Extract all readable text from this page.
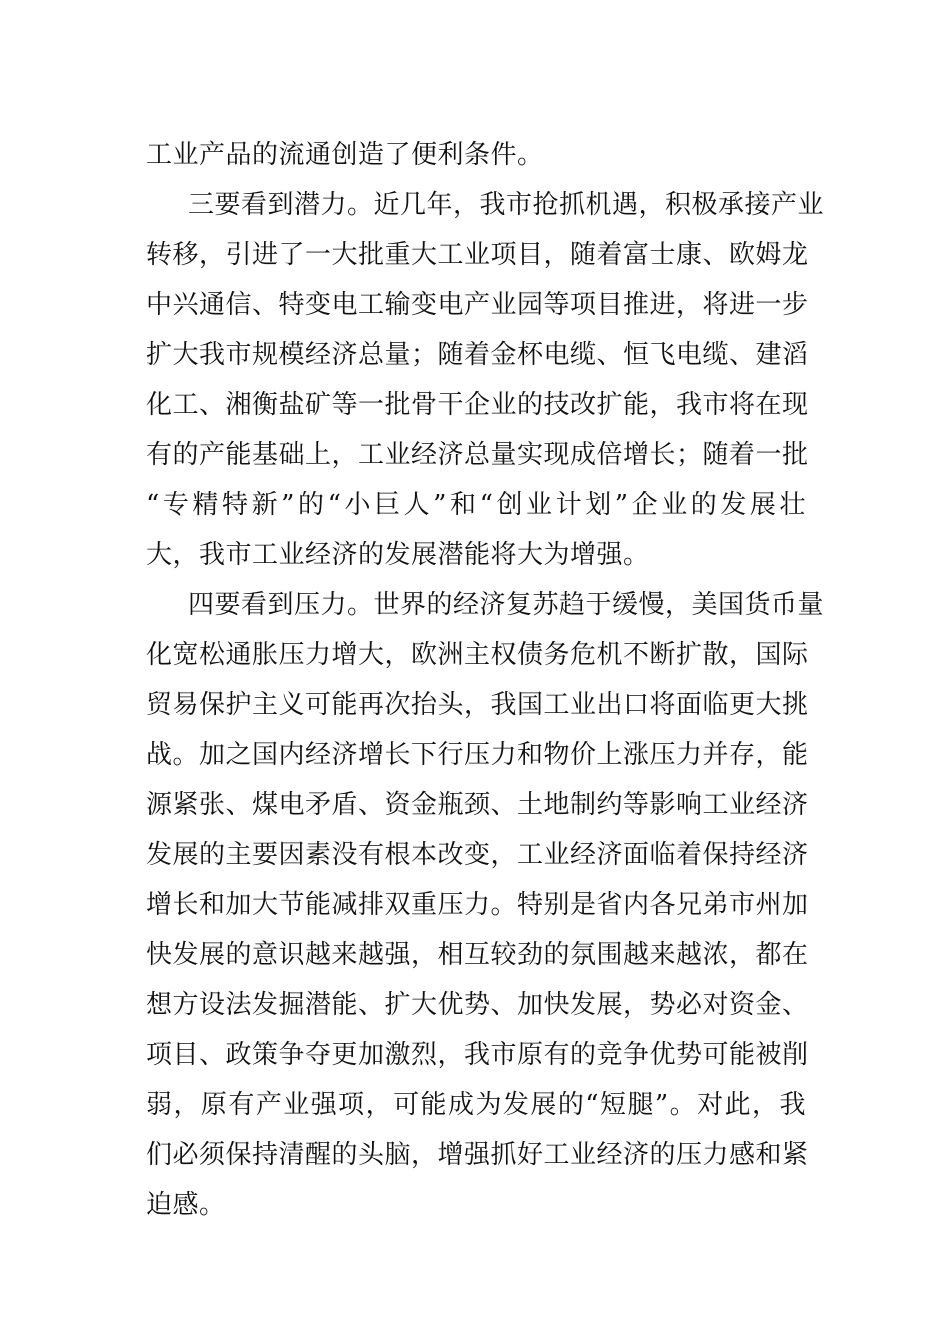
工业产品的流通创造了便利条件。
三要看到潜力。近几年，我市抢抓机遇，积极承接产业
转移，引进了一大批重大工业项目，随着富士康、欧姆龙
中兴通信、特变电工输变电产业园等项目推进，将进一步
扩大我市规模经济总量；随着金杯电缆、恒飞电缆、建滔
化工、湘衡盐矿等一批骨干企业的技改扩能，我市将在现
有的产能基础上，工业经济总量实现成倍增长；随着一批
“专精特新”的“小巨人”和“创业计划”企业的发展壮
大，我市工业经济的发展潜能将大为增强。
四要看到压力。世界的经济复苏趋于缓慢，美国货币量
化宽松通胀压力增大，欧洲主权债务危机不断扩散，国际
贸易保护主义可能再次抬头，我国工业出口将面临更大挑
战。加之国内经济增长下行压力和物价上涨压力并存，能
源紧张、煤电矛盾、资金瓶颈、土地制约等影响工业经济
发展的主要因素没有根本改变，工业经济面临着保持经济
增长和加大节能减排双重压力。特别是省内各兄弟市州加
快发展的意识越来越强，相互较劲的氛围越来越浓，都在
想方设法发掘潜能、扩大优势、加快发展，势必对资金、
项目、政策争夺更加激烈，我市原有的竞争优势可能被削
弱，原有产业强项，可能成为发展的“短腿”。对此，我
们必须保持清醒的头脑，增强抓好工业经济的压力感和紧
迫感。
